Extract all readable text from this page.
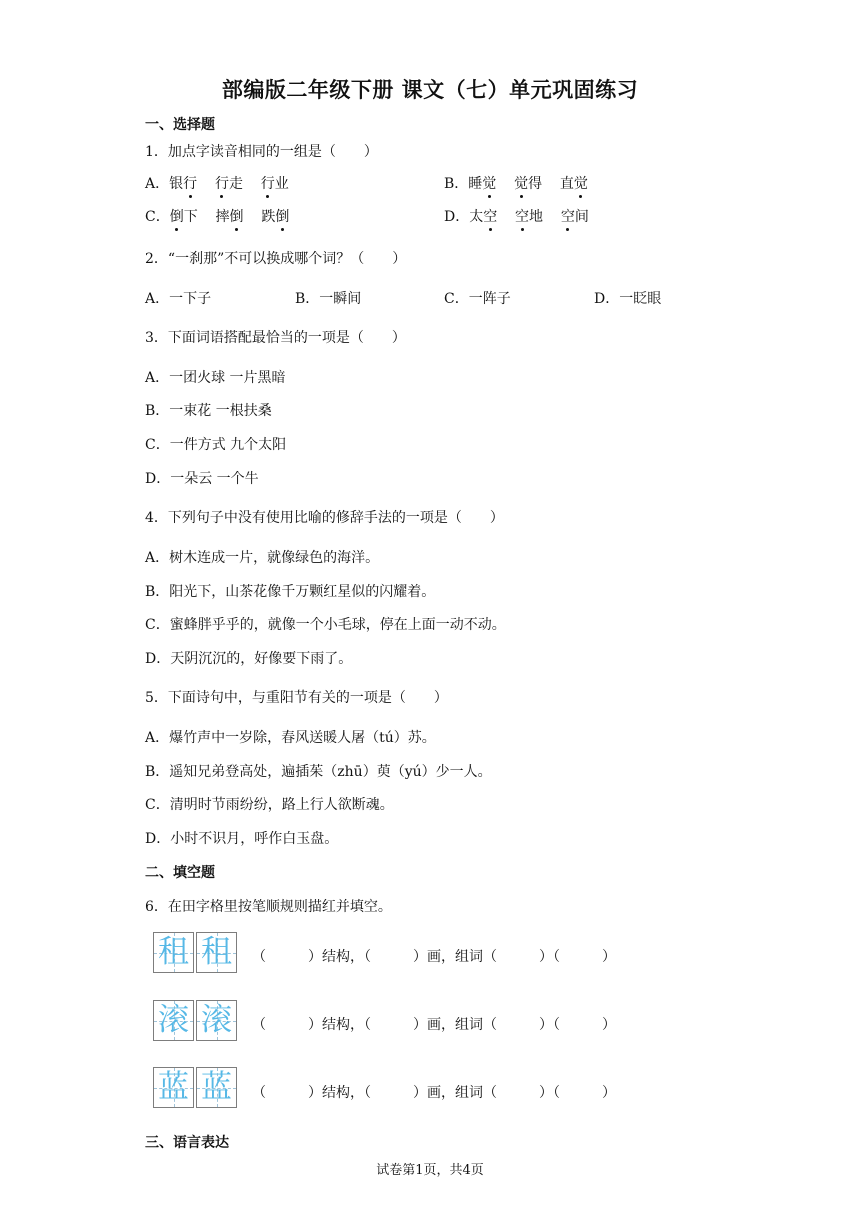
部编版二年级下册 课文（七）单元巩固练习
一、选择题
1．加点字读音相同的一组是（　　）
A．银行 行走 行业	B．睡觉 觉得 直觉
C．倒下 摔倒 跌倒	D．太空 空地 空间
2．“一刹那”不可以换成哪个词？（　　）
A．一下子	B．一瞬间	C．一阵子	D．一眨眼
3．下面词语搭配最恰当的一项是（　　）
A．一团火球 一片黑暗
B．一束花 一根扶桑
C．一件方式 九个太阳
D．一朵云 一个牛
4．下列句子中没有使用比喻的修辞手法的一项是（　　）
A．树木连成一片，就像绿色的海洋。
B．阳光下，山茶花像千万颗红星似的闪耀着。
C．蜜蜂胖乎乎的，就像一个小毛球，停在上面一动不动。
D．天阴沉沉的，好像要下雨了。
5．下面诗句中，与重阳节有关的一项是（　　）
A．爆竹声中一岁除，春风送暖人屠（tú）苏。
B．遥知兄弟登高处，遍插茱（zhū）萸（yú）少一人。
C．清明时节雨纷纷，路上行人欲断魂。
D．小时不识月，呼作白玉盘。
二、填空题
6．在田字格里按笔顺规则描红并填空。
租 租 （　　　）结构，（　　　）画，组词（　　　）（　　　）
滚 滚 （　　　）结构，（　　　）画，组词（　　　）（　　　）
蓝 蓝 （　　　）结构，（　　　）画，组词（　　　）（　　　）
三、语言表达
试卷第1页，共4页
